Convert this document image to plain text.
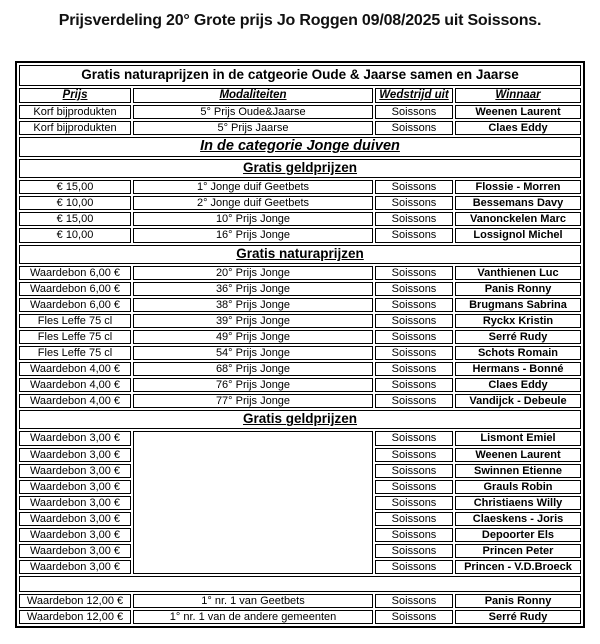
Prijsverdeling 20° Grote prijs Jo Roggen 09/08/2025 uit Soissons.
Gratis naturaprijzen in de catgeorie Oude & Jaarse samen en Jaarse			
Prijs	Modaliteiten	Wedstrijd uit	Winnaar
Korf bijprodukten	5° Prijs Oude&Jaarse	Soissons	Weenen Laurent
Korf bijprodukten	5° Prijs Jaarse	Soissons	Claes Eddy
In de categorie Jonge duiven			
Gratis geldprijzen			
€ 15,00	1° Jonge duif Geetbets	Soissons	Flossie - Morren
€ 10,00	2° Jonge duif Geetbets	Soissons	Bessemans Davy
€ 15,00	10° Prijs Jonge	Soissons	Vanonckelen Marc
€ 10,00	16° Prijs Jonge	Soissons	Lossignol Michel
Gratis naturaprijzen			
Waardebon 6,00 €	20° Prijs Jonge	Soissons	Vanthienen Luc
Waardebon 6,00 €	36° Prijs Jonge	Soissons	Panis Ronny
Waardebon 6,00 €	38° Prijs Jonge	Soissons	Brugmans Sabrina
Fles Leffe 75 cl	39° Prijs Jonge	Soissons	Ryckx Kristin
Fles Leffe 75 cl	49° Prijs Jonge	Soissons	Serré Rudy
Fles Leffe 75 cl	54° Prijs Jonge	Soissons	Schots Romain
Waardebon 4,00 €	68° Prijs Jonge	Soissons	Hermans - Bonné
Waardebon 4,00 €	76° Prijs Jonge	Soissons	Claes Eddy
Waardebon 4,00 €	77° Prijs Jonge	Soissons	Vandijck - Debeule
Gratis geldprijzen			
Waardebon 3,00 €		Soissons	Lismont Emiel
Waardebon 3,00 €		Soissons	Weenen Laurent
Waardebon 3,00 €		Soissons	Swinnen Etienne
Waardebon 3,00 €		Soissons	Grauls Robin
Waardebon 3,00 €		Soissons	Christiaens Willy
Waardebon 3,00 €		Soissons	Claeskens - Joris
Waardebon 3,00 €		Soissons	Depoorter Els
Waardebon 3,00 €		Soissons	Princen Peter
Waardebon 3,00 €		Soissons	Princen - V.D.Broeck

Waardebon 12,00 €	1° nr. 1 van Geetbets	Soissons	Panis Ronny
Waardebon 12,00 €	1° nr. 1 van de andere gemeenten	Soissons	Serré Rudy
